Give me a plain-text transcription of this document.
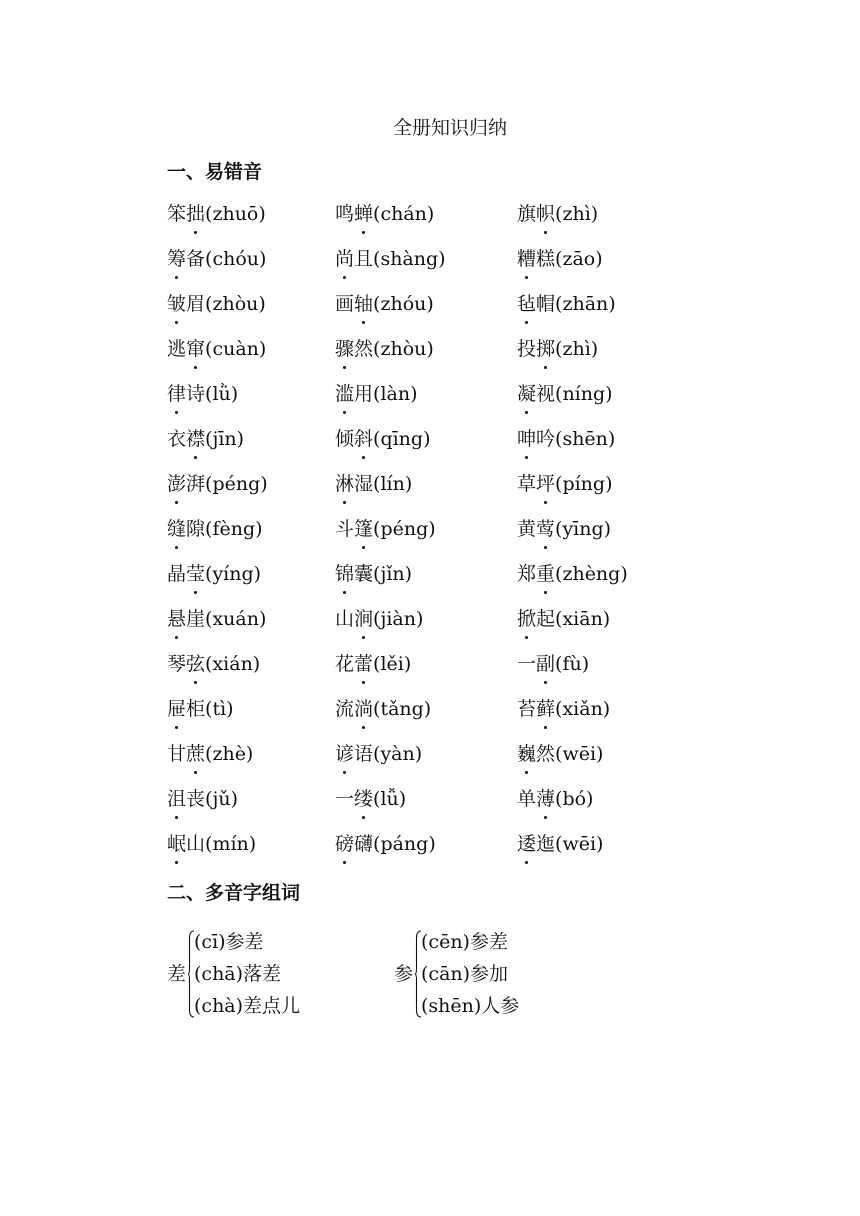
全册知识归纳
一、易错音
笨拙(zhuō)	鸣蝉(chán)	旗帜(zhì)
筹备(chóu)	尚且(shàng)	糟糕(zāo)
皱眉(zhòu)	画轴(zhóu)	毡帽(zhān)
逃窜(cuàn)	骤然(zhòu)	投掷(zhì)
律诗(lǜ)	滥用(làn)	凝视(níng)
衣襟(jīn)	倾斜(qīng)	呻吟(shēn)
澎湃(péng)	淋湿(lín)	草坪(píng)
缝隙(fèng)	斗篷(péng)	黄莺(yīng)
晶莹(yíng)	锦囊(jǐn)	郑重(zhèng)
悬崖(xuán)	山涧(jiàn)	掀起(xiān)
琴弦(xián)	花蕾(lěi)	一副(fù)
屉柜(tì)	流淌(tǎng)	苔藓(xiǎn)
甘蔗(zhè)	谚语(yàn)	巍然(wēi)
沮丧(jǔ)	一缕(lǚ)	单薄(bó)
岷山(mín)	磅礴(páng)	逶迤(wēi)
二、多音字组词
差
(cī)参差
(chā)落差
(chà)差点儿
参
(cēn)参差
(cān)参加
(shēn)人参
